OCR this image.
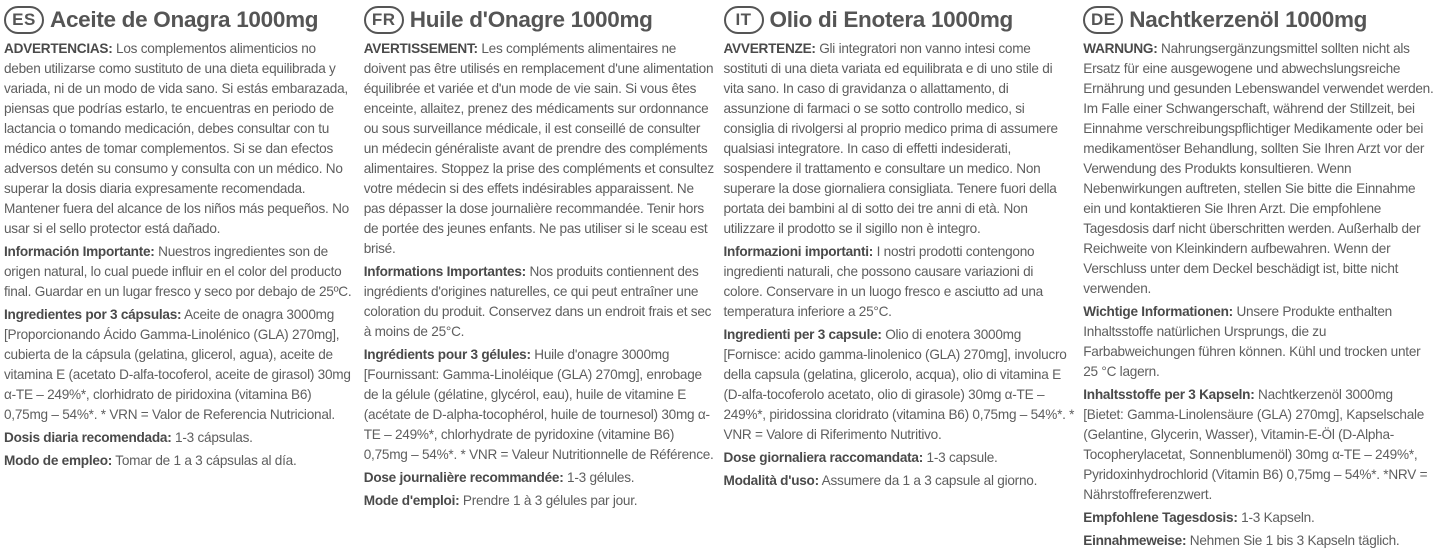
ES Aceite de Onagra 1000mg

ADVERTENCIAS: Los complementos alimenticios no deben utilizarse como sustituto de una dieta equilibrada y variada, ni de un modo de vida sano. Si estás embarazada, piensas que podrías estarlo, te encuentras en periodo de lactancia o tomando medicación, debes consultar con tu médico antes de tomar complementos. Si se dan efectos adversos detén su consumo y consulta con un médico. No superar la dosis diaria expresamente recomendada. Mantener fuera del alcance de los niños más pequeños. No usar si el sello protector está dañado.

Información Importante: Nuestros ingredientes son de origen natural, lo cual puede influir en el color del producto final. Guardar en un lugar fresco y seco por debajo de 25ºC.

Ingredientes por 3 cápsulas: Aceite de onagra 3000mg [Proporcionando Ácido Gamma-Linolénico (GLA) 270mg], cubierta de la cápsula (gelatina, glicerol, agua), aceite de vitamina E (acetato D-alfa-tocoferol, aceite de girasol) 30mg α-TE – 249%*, clorhidrato de piridoxina (vitamina B6) 0,75mg – 54%*. * VRN = Valor de Referencia Nutricional.

Dosis diaria recomendada: 1-3 cápsulas.

Modo de empleo: Tomar de 1 a 3 cápsulas al día.

FR Huile d'Onagre 1000mg

AVERTISSEMENT: Les compléments alimentaires ne doivent pas être utilisés en remplacement d'une alimentation équilibrée et variée et d'un mode de vie sain. Si vous êtes enceinte, allaitez, prenez des médicaments sur ordonnance ou sous surveillance médicale, il est conseillé de consulter un médecin généraliste avant de prendre des compléments alimentaires. Stoppez la prise des compléments et consultez votre médecin si des effets indésirables apparaissent. Ne pas dépasser la dose journalière recommandée. Tenir hors de portée des jeunes enfants. Ne pas utiliser si le sceau est brisé.

Informations Importantes: Nos produits contiennent des ingrédients d'origines naturelles, ce qui peut entraîner une coloration du produit. Conservez dans un endroit frais et sec à moins de 25°C.

Ingrédients pour 3 gélules: Huile d'onagre 3000mg [Fournissant: Gamma-Linoléique (GLA) 270mg], enrobage de la gélule (gélatine, glycérol, eau), huile de vitamine E (acétate de D-alpha-tocophérol, huile de tournesol) 30mg α-TE – 249%*, chlorhydrate de pyridoxine (vitamine B6) 0,75mg – 54%*. * VNR = Valeur Nutritionnelle de Référence.

Dose journalière recommandée: 1-3 gélules.

Mode d'emploi: Prendre 1 à 3 gélules par jour.

IT Olio di Enotera 1000mg

AVVERTENZE: Gli integratori non vanno intesi come sostituti di una dieta variata ed equilibrata e di uno stile di vita sano. In caso di gravidanza o allattamento, di assunzione di farmaci o se sotto controllo medico, si consiglia di rivolgersi al proprio medico prima di assumere qualsiasi integratore. In caso di effetti indesiderati, sospendere il trattamento e consultare un medico. Non superare la dose giornaliera consigliata. Tenere fuori della portata dei bambini al di sotto dei tre anni di età. Non utilizzare il prodotto se il sigillo non è integro.

Informazioni importanti: I nostri prodotti contengono ingredienti naturali, che possono causare variazioni di colore. Conservare in un luogo fresco e asciutto ad una temperatura inferiore a 25°C.

Ingredienti per 3 capsule: Olio di enotera 3000mg [Fornisce: acido gamma-linolenico (GLA) 270mg], involucro della capsula (gelatina, glicerolo, acqua), olio di vitamina E (D-alfa-tocoferolo acetato, olio di girasole) 30mg α-TE – 249%*, piridossina cloridrato (vitamina B6) 0,75mg – 54%*. * VNR = Valore di Riferimento Nutritivo.

Dose giornaliera raccomandata: 1-3 capsule.

Modalità d'uso: Assumere da 1 a 3 capsule al giorno.

DE Nachtkerzenöl 1000mg

WARNUNG: Nahrungsergänzungsmittel sollten nicht als Ersatz für eine ausgewogene und abwechslungsreiche Ernährung und gesunden Lebenswandel verwendet werden. Im Falle einer Schwangerschaft, während der Stillzeit, bei Einnahme verschreibungspflichtiger Medikamente oder bei medikamentöser Behandlung, sollten Sie Ihren Arzt vor der Verwendung des Produkts konsultieren. Wenn Nebenwirkungen auftreten, stellen Sie bitte die Einnahme ein und kontaktieren Sie Ihren Arzt. Die empfohlene Tagesdosis darf nicht überschritten werden. Außerhalb der Reichweite von Kleinkindern aufbewahren. Wenn der Verschluss unter dem Deckel beschädigt ist, bitte nicht verwenden.

Wichtige Informationen: Unsere Produkte enthalten Inhaltsstoffe natürlichen Ursprungs, die zu Farbabweichungen führen können. Kühl und trocken unter 25 °C lagern.

Inhaltsstoffe per 3 Kapseln: Nachtkerzenöl 3000mg [Bietet: Gamma-Linolensäure (GLA) 270mg], Kapselschale (Gelantine, Glycerin, Wasser), Vitamin-E-Öl (D-Alpha-Tocopherylacetat, Sonnenblumenöl) 30mg α-TE – 249%*, Pyridoxinhydrochlorid (Vitamin B6) 0,75mg – 54%*. *NRV = Nährstoffreferenzwert.

Empfohlene Tagesdosis: 1-3 Kapseln.

Einnahmeweise: Nehmen Sie 1 bis 3 Kapseln täglich.
